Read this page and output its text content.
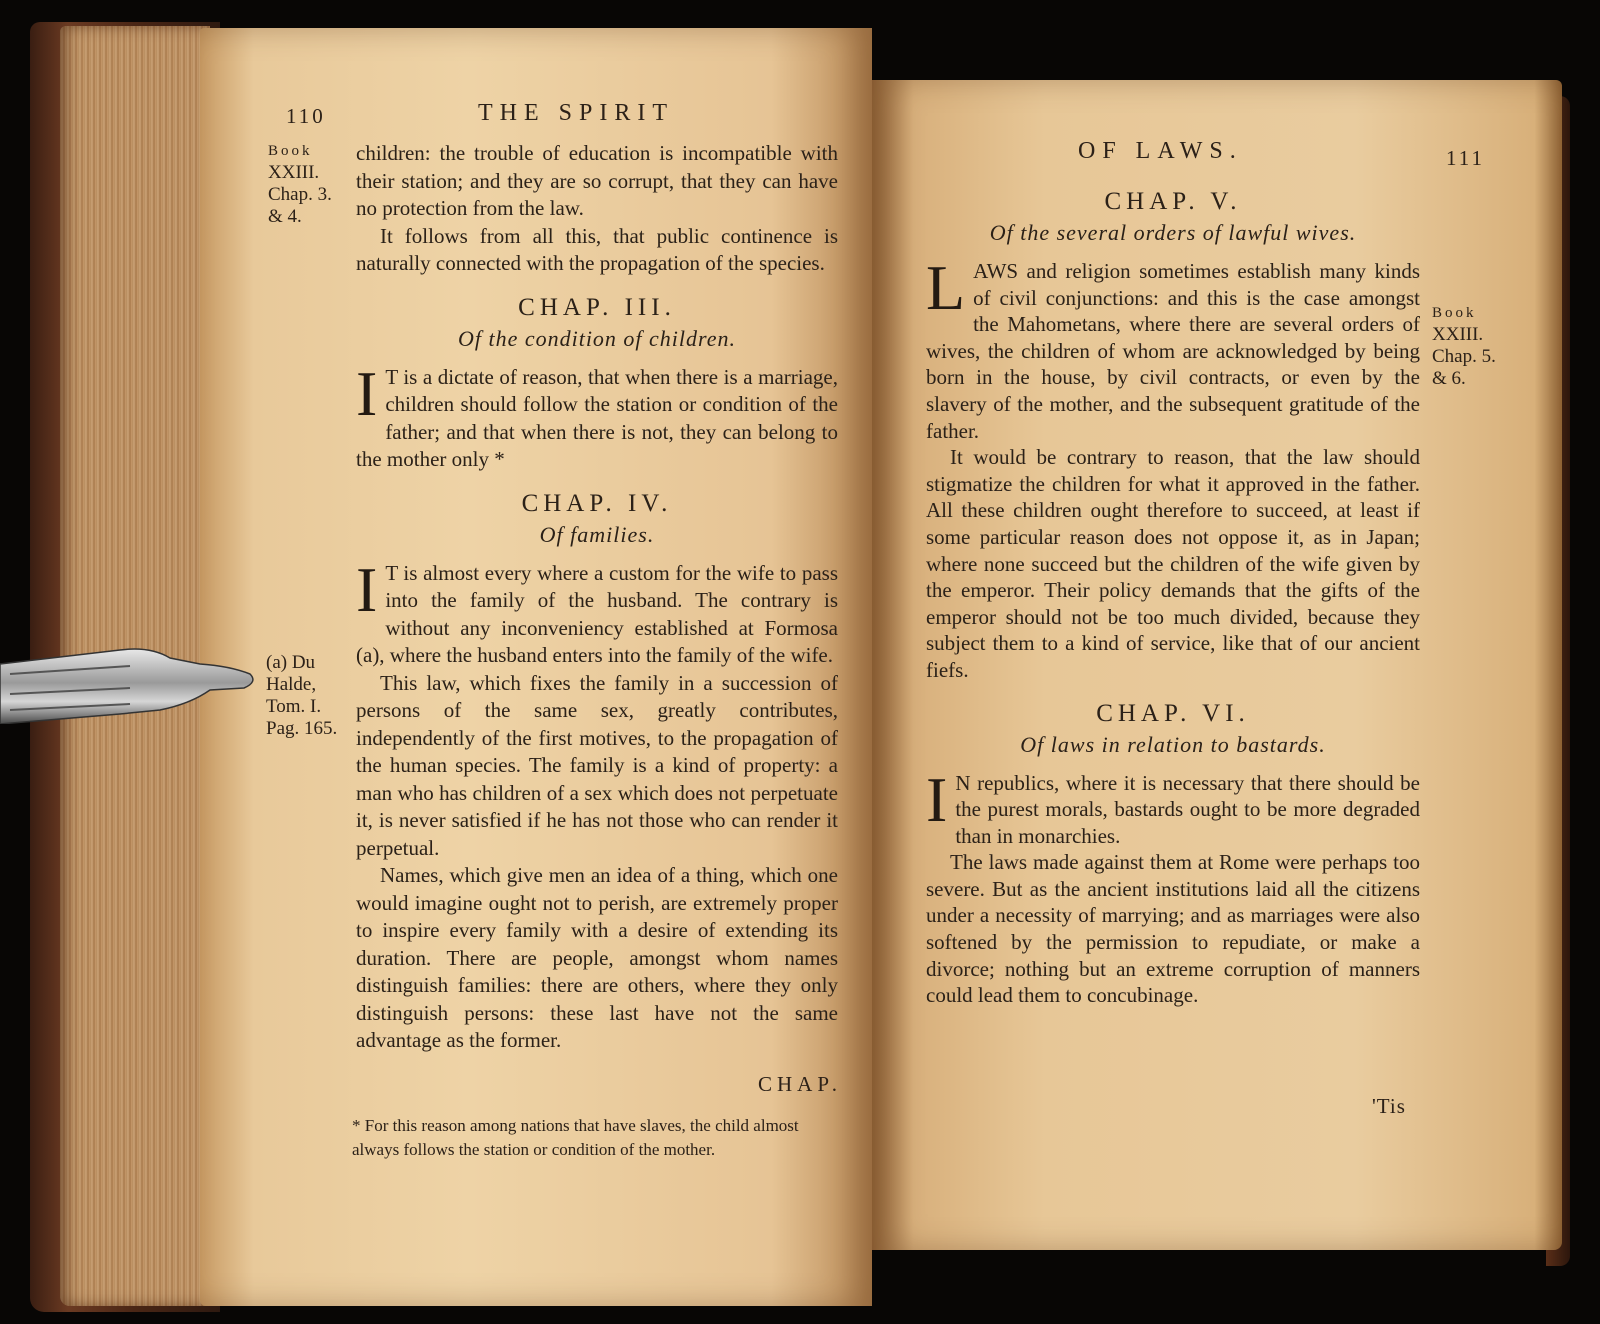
110	THE SPIRIT
Book
XXIII.
Chap. 3.
& 4.
(a) Du
Halde,
Tom. I.
Pag. 165.

children: the trouble of education is incompatible with their station; and they are so corrupt, that they can have no protection from the law.

It follows from all this, that public continence is naturally connected with the propagation of the species.

CHAP. III.
Of the condition of children.

I T is a dictate of reason, that when there is a marriage, children should follow the station or condition of the father; and that when there is not, they can belong to the mother only *

CHAP. IV.
Of families.

I T is almost every where a custom for the wife to pass into the family of the husband. The contrary is without any inconveniency established at Formosa (a), where the husband enters into the family of the wife.

This law, which fixes the family in a succession of persons of the same sex, greatly contributes, independently of the first motives, to the propagation of the human species. The family is a kind of property: a man who has children of a sex which does not perpetuate it, is never satisfied if he has not those who can render it perpetual.

Names, which give men an idea of a thing, which one would imagine ought not to perish, are extremely proper to inspire every family with a desire of extending its duration. There are people, amongst whom names distinguish families: there are others, where they only distinguish persons: these last have not the same advantage as the former.

CHAP.
* For this reason among nations that have slaves, the child almost always follows the station or condition of the mother.
OF LAWS.	111
Book
XXIII.
Chap. 5.
& 6.
CHAP. V.
Of the several orders of lawful wives.

LAWS and religion sometimes establish many kinds of civil conjunctions: and this is the case amongst the Mahometans, where there are several orders of wives, the children of whom are acknowledged by being born in the house, by civil contracts, or even by the slavery of the mother, and the subsequent gratitude of the father.

It would be contrary to reason, that the law should stigmatize the children for what it approved in the father. All these children ought therefore to succeed, at least if some particular reason does not oppose it, as in Japan; where none succeed but the children of the wife given by the emperor. Their policy demands that the gifts of the emperor should not be too much divided, because they subject them to a kind of service, like that of our ancient fiefs.

CHAP. VI.
Of laws in relation to bastards.

I N republics, where it is necessary that there should be the purest morals, bastards ought to be more degraded than in monarchies.

The laws made against them at Rome were perhaps too severe. But as the ancient institutions laid all the citizens under a necessity of marrying; and as marriages were also softened by the permission to repudiate, or make a divorce; nothing but an extreme corruption of manners could lead them to concubinage.

'Tis
